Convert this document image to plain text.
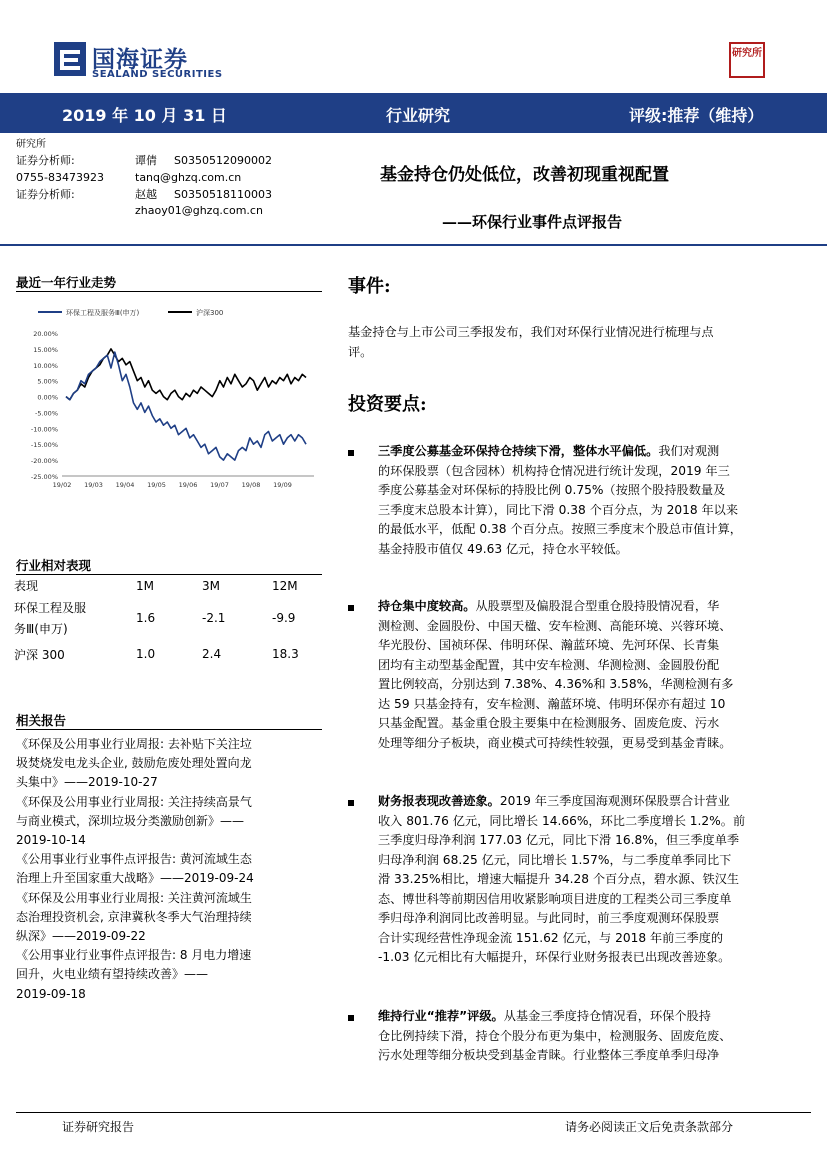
国海证券
SEALAND SECURITIES
研究所
2019 年 10 月 31 日	行业研究	评级:推荐（维持）
研究所
证券分析师:	谭倩 S0350512090002
0755-83473923	tanq@ghzq.com.cn
证券分析师:	赵越 S0350518110003
zhaoy01@ghzq.com.cn
基金持仓仍处低位，改善初现重视配置
——环保行业事件点评报告
最近一年行业走势
环保工程及服务Ⅲ(申万)	沪深300
20.00%
15.00%
10.00%
5.00%
0.00%
-5.00%
-10.00%
-15.00%
-20.00%
-25.00%
19/02 19/03 19/04 19/05 19/06 19/07 19/08 19/09
行业相对表现
表现	1M	3M	12M

环保工程及服
务Ⅲ(申万)	1.6	-2.1	-9.9
沪深 300	1.0	2.4	18.3
相关报告
《环保及公用事业行业周报: 去补贴下关注垃
圾焚烧发电龙头企业, 鼓励危废处理处置向龙
头集中》——2019-10-27
《环保及公用事业行业周报: 关注持续高景气
与商业模式，深圳垃圾分类激励创新》——
2019-10-14
《公用事业行业事件点评报告: 黄河流域生态
治理上升至国家重大战略》——2019-09-24
《环保及公用事业行业周报: 关注黄河流域生
态治理投资机会, 京津冀秋冬季大气治理持续
纵深》——2019-09-22
《公用事业行业事件点评报告: 8 月电力增速
回升，火电业绩有望持续改善》——
2019-09-18
事件:
基金持仓与上市公司三季报发布，我们对环保行业情况进行梳理与点
评。
投资要点:
三季度公募基金环保持仓持续下滑，整体水平偏低。我们对观测
的环保股票（包含园林）机构持仓情况进行统计发现，2019 年三
季度公募基金对环保标的持股比例 0.75%（按照个股持股数量及
三季度末总股本计算），同比下滑 0.38 个百分点，为 2018 年以来
的最低水平，低配 0.38 个百分点。按照三季度末个股总市值计算，
基金持股市值仅 49.63 亿元，持仓水平较低。
持仓集中度较高。从股票型及偏股混合型重仓股持股情况看，华
测检测、金圆股份、中国天楹、安车检测、高能环境、兴蓉环境、
华光股份、国祯环保、伟明环保、瀚蓝环境、先河环保、长青集
团均有主动型基金配置，其中安车检测、华测检测、金圆股份配
置比例较高，分别达到 7.38%、4.36%和 3.58%，华测检测有多
达 59 只基金持有，安车检测、瀚蓝环境、伟明环保亦有超过 10
只基金配置。基金重仓股主要集中在检测服务、固废危废、污水
处理等细分子板块，商业模式可持续性较强，更易受到基金青睐。
财务报表现改善迹象。2019 年三季度国海观测环保股票合计营业
收入 801.76 亿元，同比增长 14.66%，环比二季度增长 1.2%。前
三季度归母净利润 177.03 亿元，同比下滑 16.8%，但三季度单季
归母净利润 68.25 亿元，同比增长 1.57%，与二季度单季同比下
滑 33.25%相比，增速大幅提升 34.28 个百分点，碧水源、铁汉生
态、博世科等前期因信用收紧影响项目进度的工程类公司三季度单
季归母净利润同比改善明显。与此同时，前三季度观测环保股票
合计实现经营性净现金流 151.62 亿元，与 2018 年前三季度的
-1.03 亿元相比有大幅提升，环保行业财务报表已出现改善迹象。
维持行业“推荐”评级。从基金三季度持仓情况看，环保个股持
仓比例持续下滑，持仓个股分布更为集中，检测服务、固废危废、
污水处理等细分板块受到基金青睐。行业整体三季度单季归母净
证券研究报告	请务必阅读正文后免责条款部分
